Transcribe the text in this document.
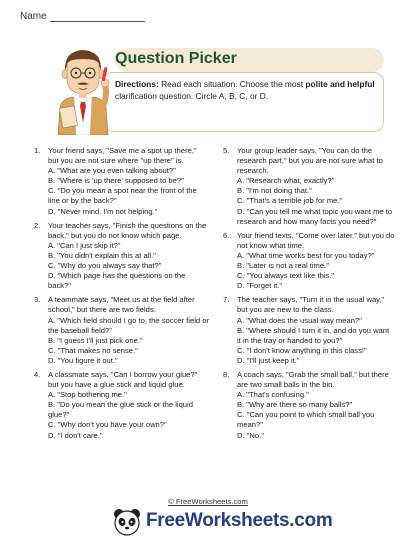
Name
Question Picker
Directions: Read each situation. Choose the most polite and helpful clarification question. Circle A, B, C, or D.
1. Your friend says, "Save me a spot up there," but you are not sure where "up there" is.
A. "What are you even talking about?"
B. "Where is 'up there' supposed to be?"
C. "Do you mean a spot near the front of the line or by the back?"
D. "Never mind. I'm not helping."
2. Your teacher says, "Finish the questions on the back," but you do not know which page.
A. "Can I just skip it?"
B. "You didn't explain this at all."
C. "Why do you always say that?"
D. "Which page has the questions on the back?"
3. A teammate says, "Meet us at the field after school," but there are two fields.
A. "Which field should I go to, the soccer field or the baseball field?"
B. "I guess I'll just pick one."
C. "That makes no sense."
D. "You figure it out."
4. A classmate says, "Can I borrow your glue?" but you have a glue stick and liquid glue.
A. "Stop bothering me."
B. "Do you mean the glue stick or the liquid glue?"
C. "Why don't you have your own?"
D. "I don't care."
5. Your group leader says, "You can do the research part," but you are not sure what to research.
A. "Research what, exactly?"
B. "I'm not doing that."
C. "That's a terrible job for me."
D. "Can you tell me what topic you want me to research and how many facts you need?"
6. Your friend texts, "Come over later," but you do not know what time.
A. "What time works best for you today?"
B. "Later is not a real time."
C. "You always text like this."
D. "Forget it."
7. The teacher says, "Turn it in the usual way," but you are new to the class.
A. "What does the usual way mean?"
B. "Where should I turn it in, and do you want it in the tray or handed to you?"
C. "I don't know anything in this class!"
D. "I'll just keep it."
8. A coach says, "Grab the small ball," but there are two small balls in the bin.
A. "That's confusing."
B. "Why are there so many balls?"
C. "Can you point to which small ball you mean?"
D. "No."
© FreeWorksheets.com
FreeWorksheets.com
